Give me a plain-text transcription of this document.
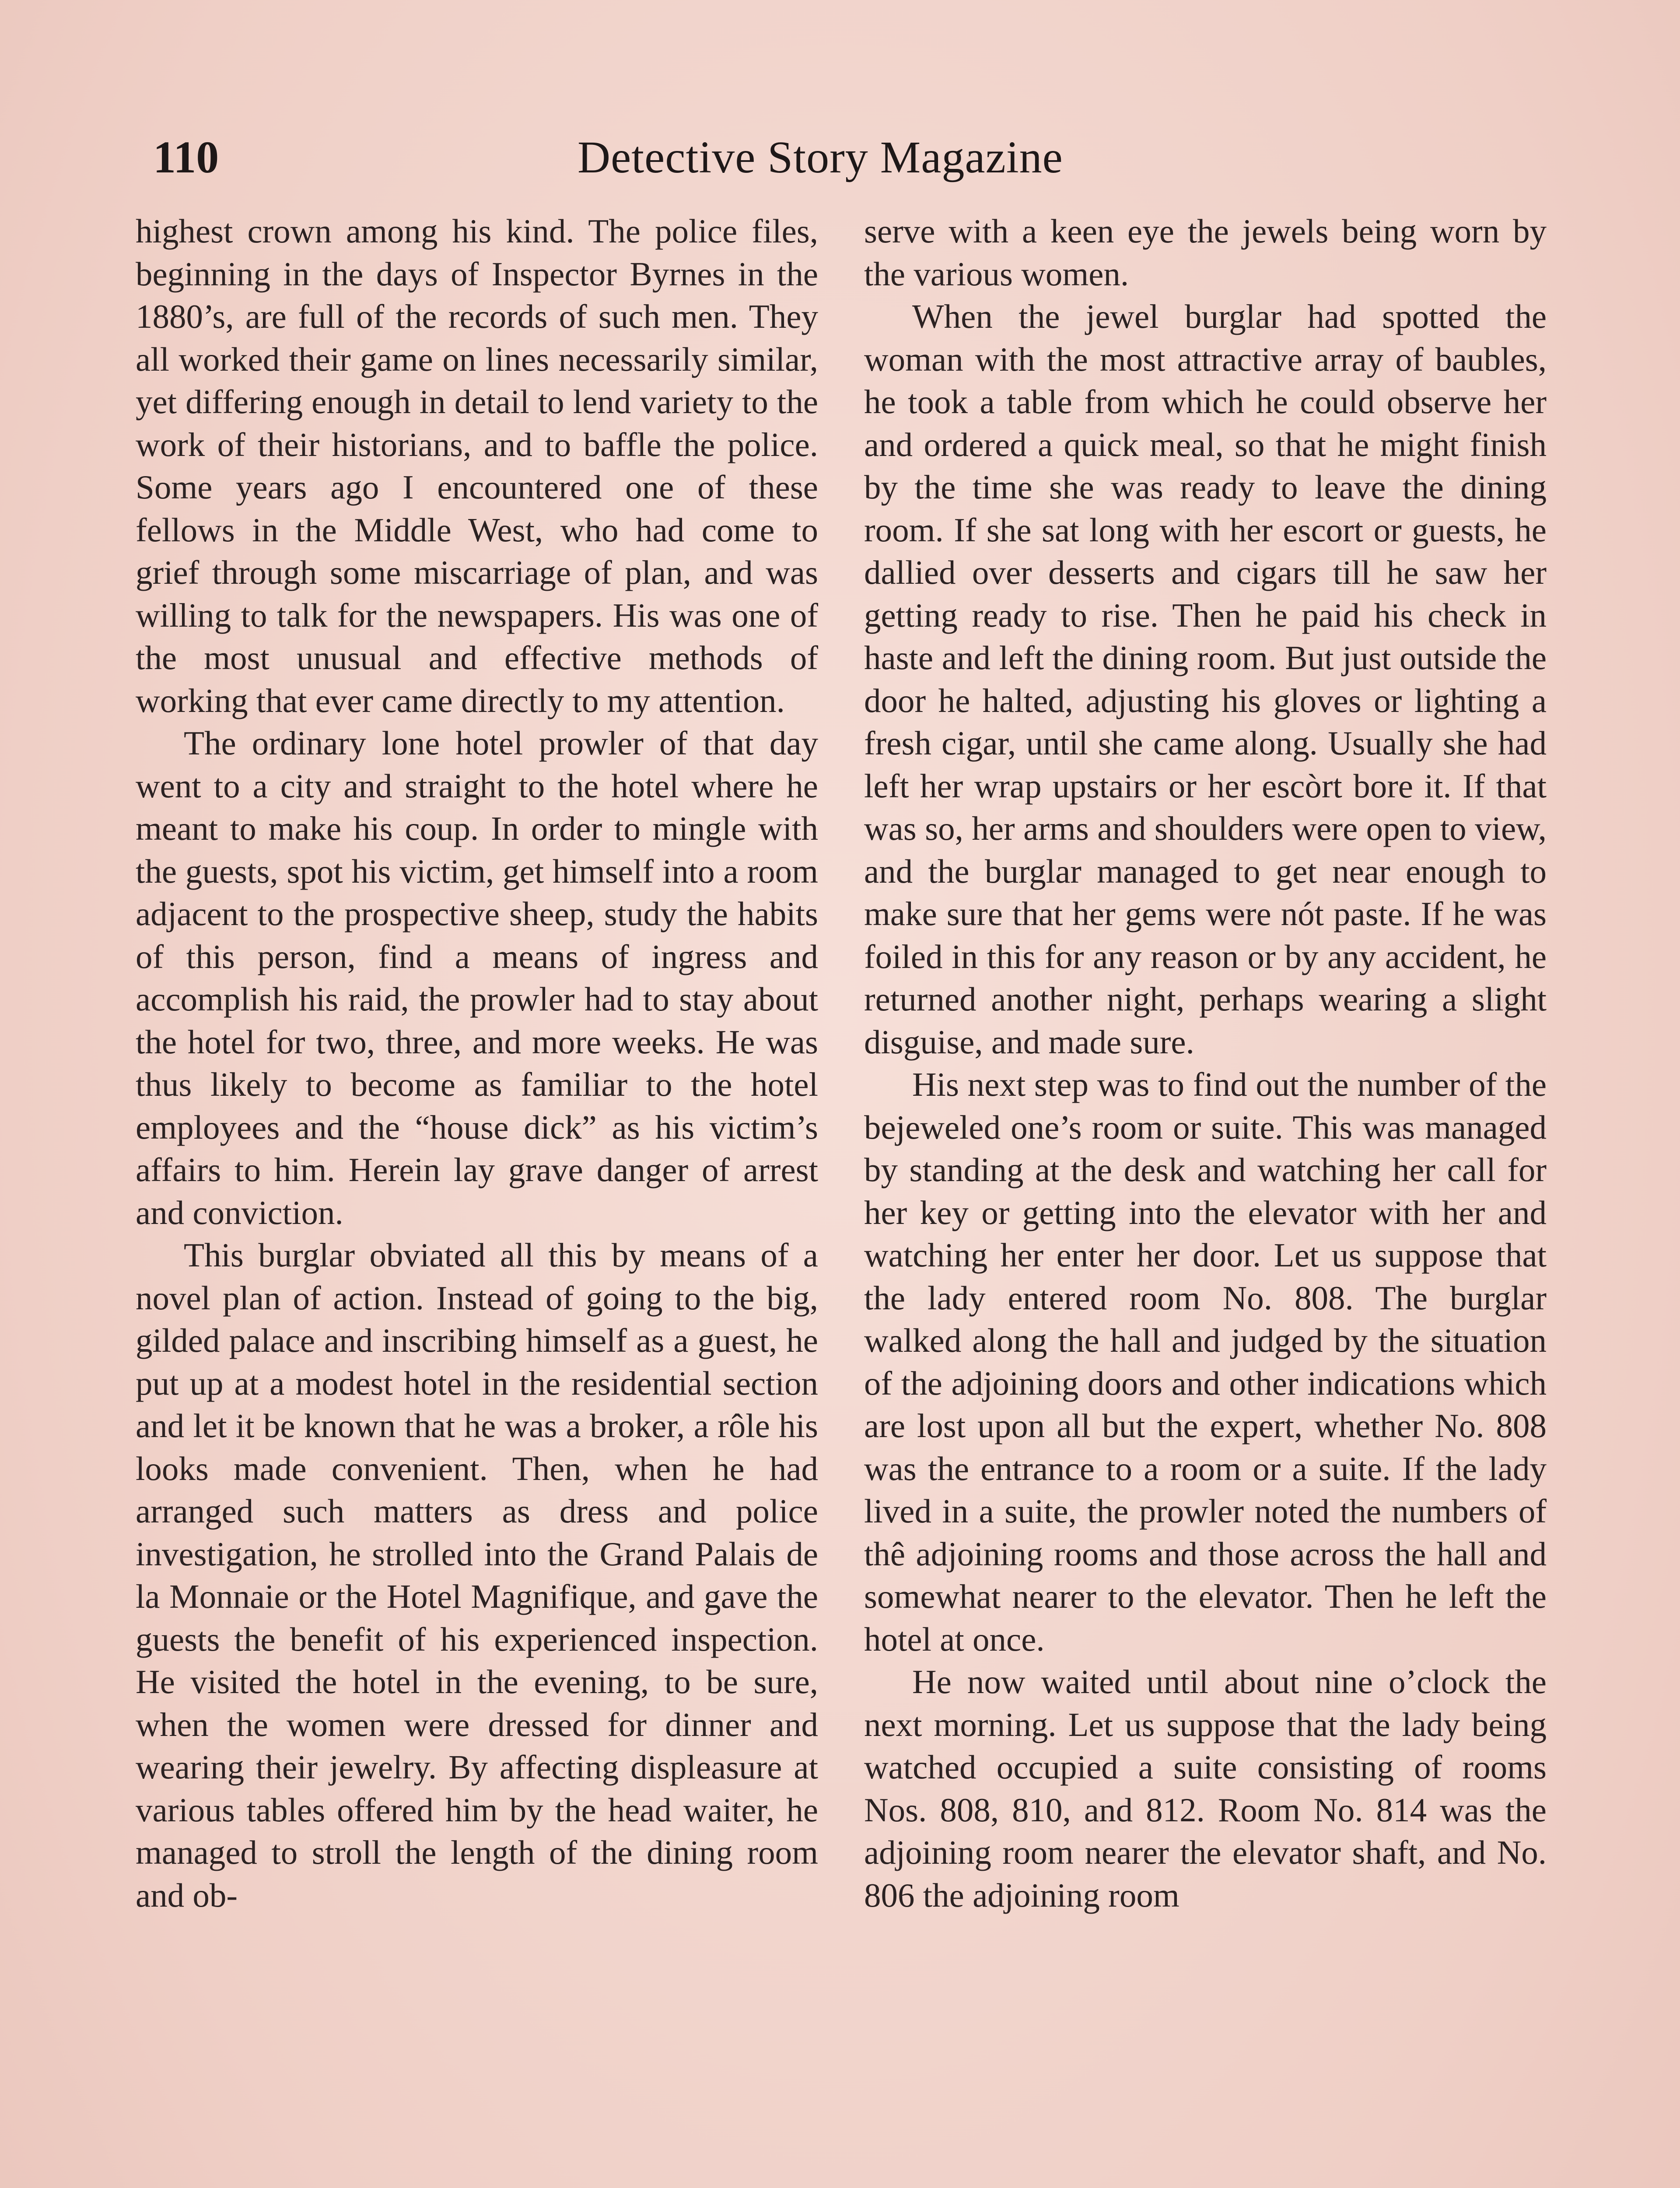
110	Detective Story Magazine

highest crown among his kind. The police files, beginning in the days of Inspector Byrnes in the 1880’s, are full of the records of such men. They all worked their game on lines necessarily similar, yet differing enough in detail to lend variety to the work of their historians, and to baffle the police. Some years ago I encountered one of these fellows in the Middle West, who had come to grief through some miscarriage of plan, and was willing to talk for the newspapers. His was one of the most unusual and effective methods of working that ever came directly to my attention.

The ordinary lone hotel prowler of that day went to a city and straight to the hotel where he meant to make his coup. In order to mingle with the guests, spot his victim, get himself into a room adjacent to the prospective sheep, study the habits of this person, find a means of ingress and accomplish his raid, the prowler had to stay about the hotel for two, three, and more weeks. He was thus likely to become as familiar to the hotel employees and the “house dick” as his victim’s affairs to him. Herein lay grave danger of arrest and conviction.

This burglar obviated all this by means of a novel plan of action. Instead of going to the big, gilded palace and inscribing himself as a guest, he put up at a modest hotel in the residential section and let it be known that he was a broker, a rôle his looks made convenient. Then, when he had arranged such matters as dress and police investigation, he strolled into the Grand Palais de la Monnaie or the Hotel Magnifique, and gave the guests the benefit of his experienced inspection. He visited the hotel in the evening, to be sure, when the women were dressed for dinner and wearing their jewelry. By affecting displeasure at various tables offered him by the head waiter, he managed to stroll the length of the dining room and ob-

serve with a keen eye the jewels being worn by the various women.

When the jewel burglar had spotted the woman with the most attractive array of baubles, he took a table from which he could observe her and ordered a quick meal, so that he might finish by the time she was ready to leave the dining room. If she sat long with her escort or guests, he dallied over desserts and cigars till he saw her getting ready to rise. Then he paid his check in haste and left the dining room. But just outside the door he halted, adjusting his gloves or lighting a fresh cigar, until she came along. Usually she had left her wrap upstairs or her escòrt bore it. If that was so, her arms and shoulders were open to view, and the burglar managed to get near enough to make sure that her gems were nót paste. If he was foiled in this for any reason or by any accident, he returned another night, perhaps wearing a slight disguise, and made sure.

His next step was to find out the number of the bejeweled one’s room or suite. This was managed by standing at the desk and watching her call for her key or getting into the elevator with her and watching her enter her door. Let us suppose that the lady entered room No. 808. The burglar walked along the hall and judged by the situation of the adjoining doors and other indications which are lost upon all but the expert, whether No. 808 was the entrance to a room or a suite. If the lady lived in a suite, the prowler noted the numbers of thê adjoining rooms and those across the hall and somewhat nearer to the elevator. Then he left the hotel at once.

He now waited until about nine o’clock the next morning. Let us suppose that the lady being watched occupied a suite consisting of rooms Nos. 808, 810, and 812. Room No. 814 was the adjoining room nearer the elevator shaft, and No. 806 the adjoining room
